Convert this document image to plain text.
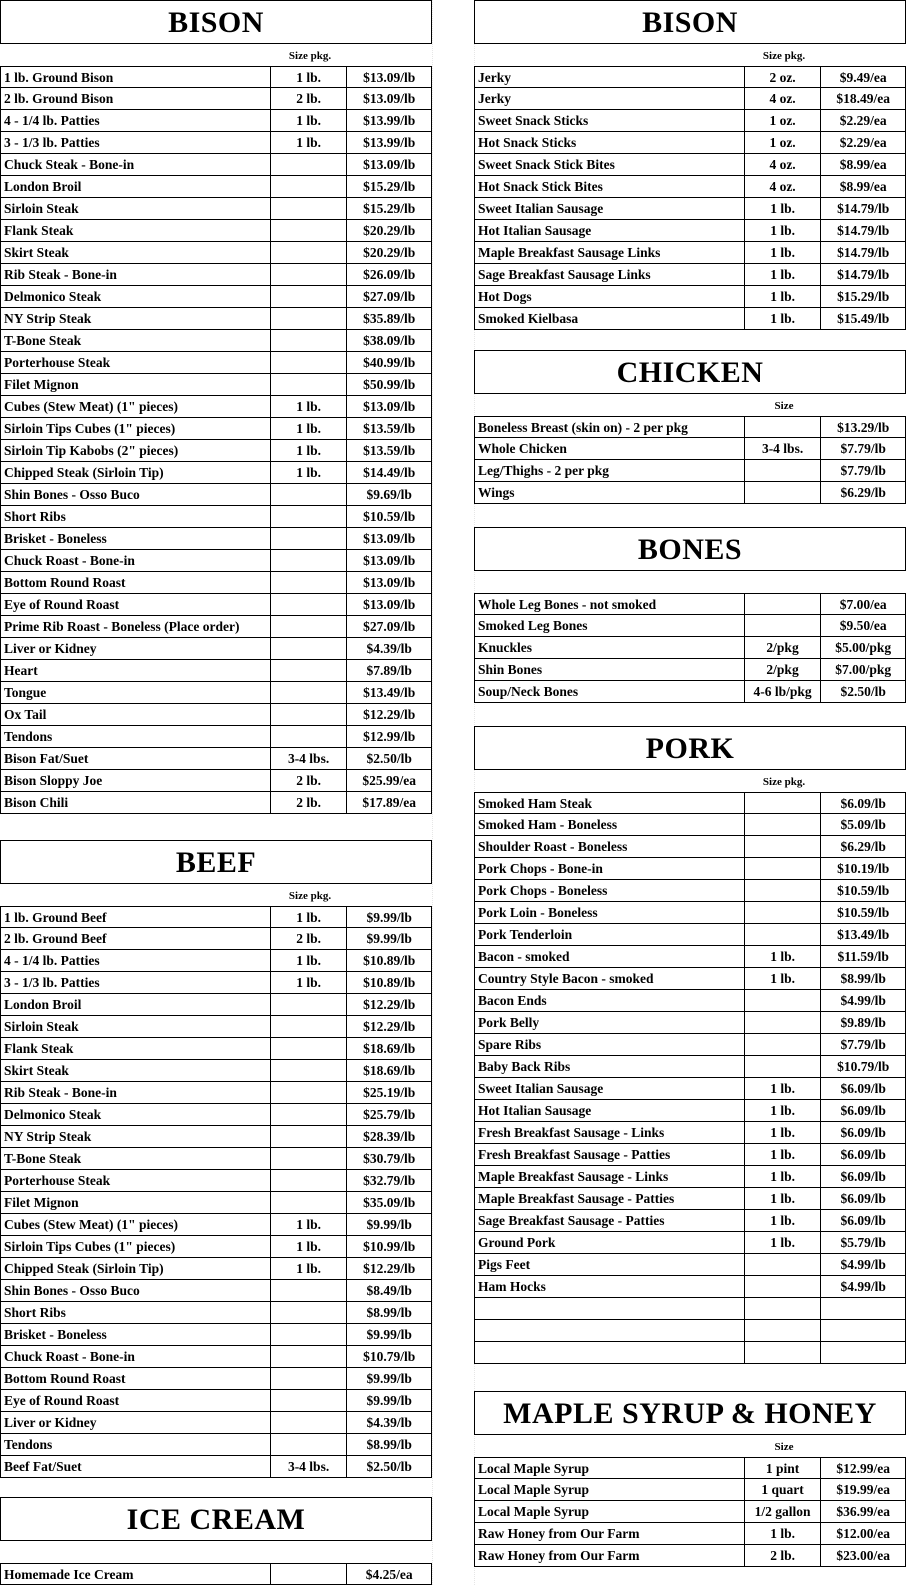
BISON
Size pkg.
1 lb. Ground Bison	1 lb.	$13.09/lb
2 lb. Ground Bison	2 lb.	$13.09/lb
4 - 1/4 lb. Patties	1 lb.	$13.99/lb
3 - 1/3 lb. Patties	1 lb.	$13.99/lb
Chuck Steak - Bone-in	$13.09/lb
London Broil	$15.29/lb
Sirloin Steak	$15.29/lb
Flank Steak	$20.29/lb
Skirt Steak	$20.29/lb
Rib Steak - Bone-in	$26.09/lb
Delmonico Steak	$27.09/lb
NY Strip Steak	$35.89/lb
T-Bone Steak	$38.09/lb
Porterhouse Steak	$40.99/lb
Filet Mignon	$50.99/lb
Cubes (Stew Meat) (1" pieces)	1 lb.	$13.09/lb
Sirloin Tips Cubes (1" pieces)	1 lb.	$13.59/lb
Sirloin Tip Kabobs (2" pieces)	1 lb.	$13.59/lb
Chipped Steak (Sirloin Tip)	1 lb.	$14.49/lb
Shin Bones - Osso Buco	$9.69/lb
Short Ribs	$10.59/lb
Brisket - Boneless	$13.09/lb
Chuck Roast - Bone-in	$13.09/lb
Bottom Round Roast	$13.09/lb
Eye of Round Roast	$13.09/lb
Prime Rib Roast - Boneless (Place order)	$27.09/lb
Liver or Kidney	$4.39/lb
Heart	$7.89/lb
Tongue	$13.49/lb
Ox Tail	$12.29/lb
Tendons	$12.99/lb
Bison Fat/Suet	3-4 lbs.	$2.50/lb
Bison Sloppy Joe	2 lb.	$25.99/ea
Bison Chili	2 lb.	$17.89/ea
BEEF
Size pkg.
1 lb. Ground Beef	1 lb.	$9.99/lb
2 lb. Ground Beef	2 lb.	$9.99/lb
4 - 1/4 lb. Patties	1 lb.	$10.89/lb
3 - 1/3 lb. Patties	1 lb.	$10.89/lb
London Broil	$12.29/lb
Sirloin Steak	$12.29/lb
Flank Steak	$18.69/lb
Skirt Steak	$18.69/lb
Rib Steak - Bone-in	$25.19/lb
Delmonico Steak	$25.79/lb
NY Strip Steak	$28.39/lb
T-Bone Steak	$30.79/lb
Porterhouse Steak	$32.79/lb
Filet Mignon	$35.09/lb
Cubes (Stew Meat) (1" pieces)	1 lb.	$9.99/lb
Sirloin Tips Cubes (1" pieces)	1 lb.	$10.99/lb
Chipped Steak (Sirloin Tip)	1 lb.	$12.29/lb
Shin Bones - Osso Buco	$8.49/lb
Short Ribs	$8.99/lb
Brisket - Boneless	$9.99/lb
Chuck Roast - Bone-in	$10.79/lb
Bottom Round Roast	$9.99/lb
Eye of Round Roast	$9.99/lb
Liver or Kidney	$4.39/lb
Tendons	$8.99/lb
Beef Fat/Suet	3-4 lbs.	$2.50/lb
ICE CREAM
Homemade Ice Cream	$4.25/ea
BISON
Size pkg.
Jerky	2 oz.	$9.49/ea
Jerky	4 oz.	$18.49/ea
Sweet Snack Sticks	1 oz.	$2.29/ea
Hot Snack Sticks	1 oz.	$2.29/ea
Sweet Snack Stick Bites	4 oz.	$8.99/ea
Hot Snack Stick Bites	4 oz.	$8.99/ea
Sweet Italian Sausage	1 lb.	$14.79/lb
Hot Italian Sausage	1 lb.	$14.79/lb
Maple Breakfast Sausage Links	1 lb.	$14.79/lb
Sage Breakfast Sausage Links	1 lb.	$14.79/lb
Hot Dogs	1 lb.	$15.29/lb
Smoked Kielbasa	1 lb.	$15.49/lb
CHICKEN
Size
Boneless Breast (skin on) - 2 per pkg	$13.29/lb
Whole Chicken	3-4 lbs.	$7.79/lb
Leg/Thighs - 2 per pkg	$7.79/lb
Wings	$6.29/lb
BONES
Whole Leg Bones - not smoked	$7.00/ea
Smoked Leg Bones	$9.50/ea
Knuckles	2/pkg	$5.00/pkg
Shin Bones	2/pkg	$7.00/pkg
Soup/Neck Bones	4-6 lb/pkg	$2.50/lb
PORK
Size pkg.
Smoked Ham Steak	$6.09/lb
Smoked Ham - Boneless	$5.09/lb
Shoulder Roast - Boneless	$6.29/lb
Pork Chops - Bone-in	$10.19/lb
Pork Chops - Boneless	$10.59/lb
Pork Loin - Boneless	$10.59/lb
Pork Tenderloin	$13.49/lb
Bacon - smoked	1 lb.	$11.59/lb
Country Style Bacon - smoked	1 lb.	$8.99/lb
Bacon Ends	$4.99/lb
Pork Belly	$9.89/lb
Spare Ribs	$7.79/lb
Baby Back Ribs	$10.79/lb
Sweet Italian Sausage	1 lb.	$6.09/lb
Hot Italian Sausage	1 lb.	$6.09/lb
Fresh Breakfast Sausage - Links	1 lb.	$6.09/lb
Fresh Breakfast Sausage - Patties	1 lb.	$6.09/lb
Maple Breakfast Sausage - Links	1 lb.	$6.09/lb
Maple Breakfast Sausage - Patties	1 lb.	$6.09/lb
Sage Breakfast Sausage - Patties	1 lb.	$6.09/lb
Ground Pork	1 lb.	$5.79/lb
Pigs Feet	$4.99/lb
Ham Hocks	$4.99/lb
MAPLE SYRUP & HONEY
Size
Local Maple Syrup	1 pint	$12.99/ea
Local Maple Syrup	1 quart	$19.99/ea
Local Maple Syrup	1/2 gallon	$36.99/ea
Raw Honey from Our Farm	1 lb.	$12.00/ea
Raw Honey from Our Farm	2 lb.	$23.00/ea
